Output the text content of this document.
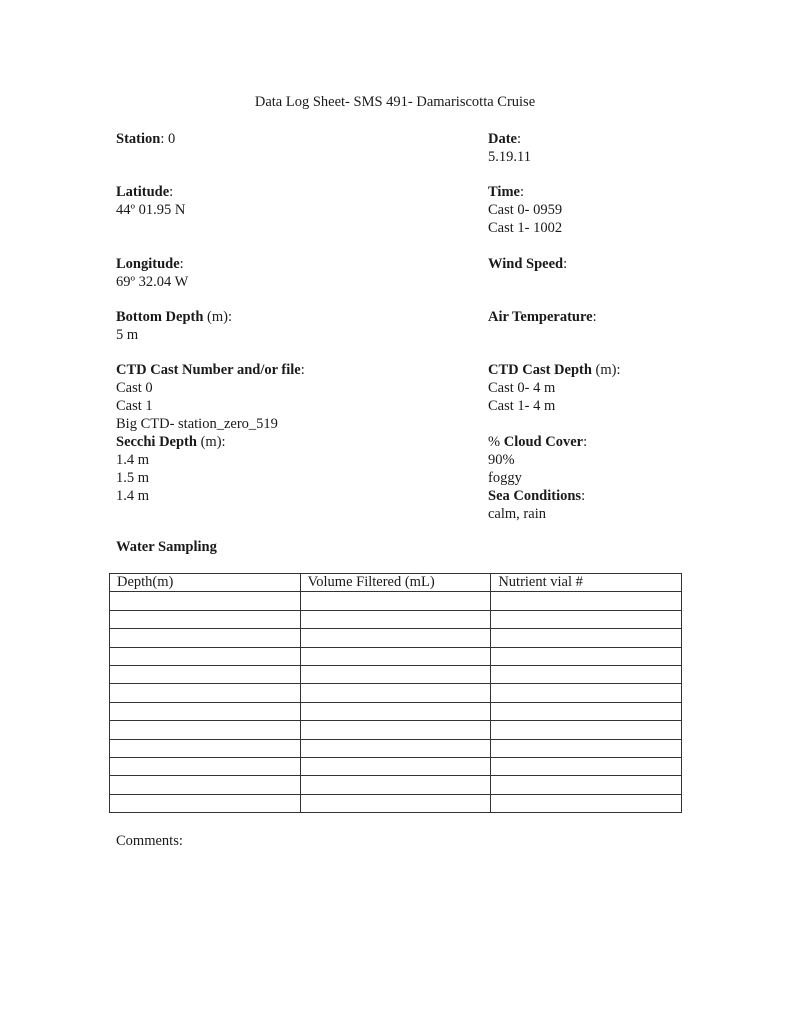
Data Log Sheet- SMS 491- Damariscotta Cruise
Station: 0
Latitude:
44º 01.95 N
Longitude:
69º 32.04 W
Bottom Depth (m):
5 m
CTD Cast Number and/or file:
Cast 0
Cast 1
Big CTD- station_zero_519
Secchi Depth (m):
1.4 m
1.5 m
1.4 m
Date:
5.19.11
Time:
Cast 0- 0959
Cast 1- 1002
Wind Speed:
Air Temperature:
CTD Cast Depth (m):
Cast 0- 4 m
Cast 1- 4 m
% Cloud Cover:
90%
foggy
Sea Conditions:
calm, rain
Water Sampling
Depth(m)	Volume Filtered (mL)	Nutrient vial #

Comments:
